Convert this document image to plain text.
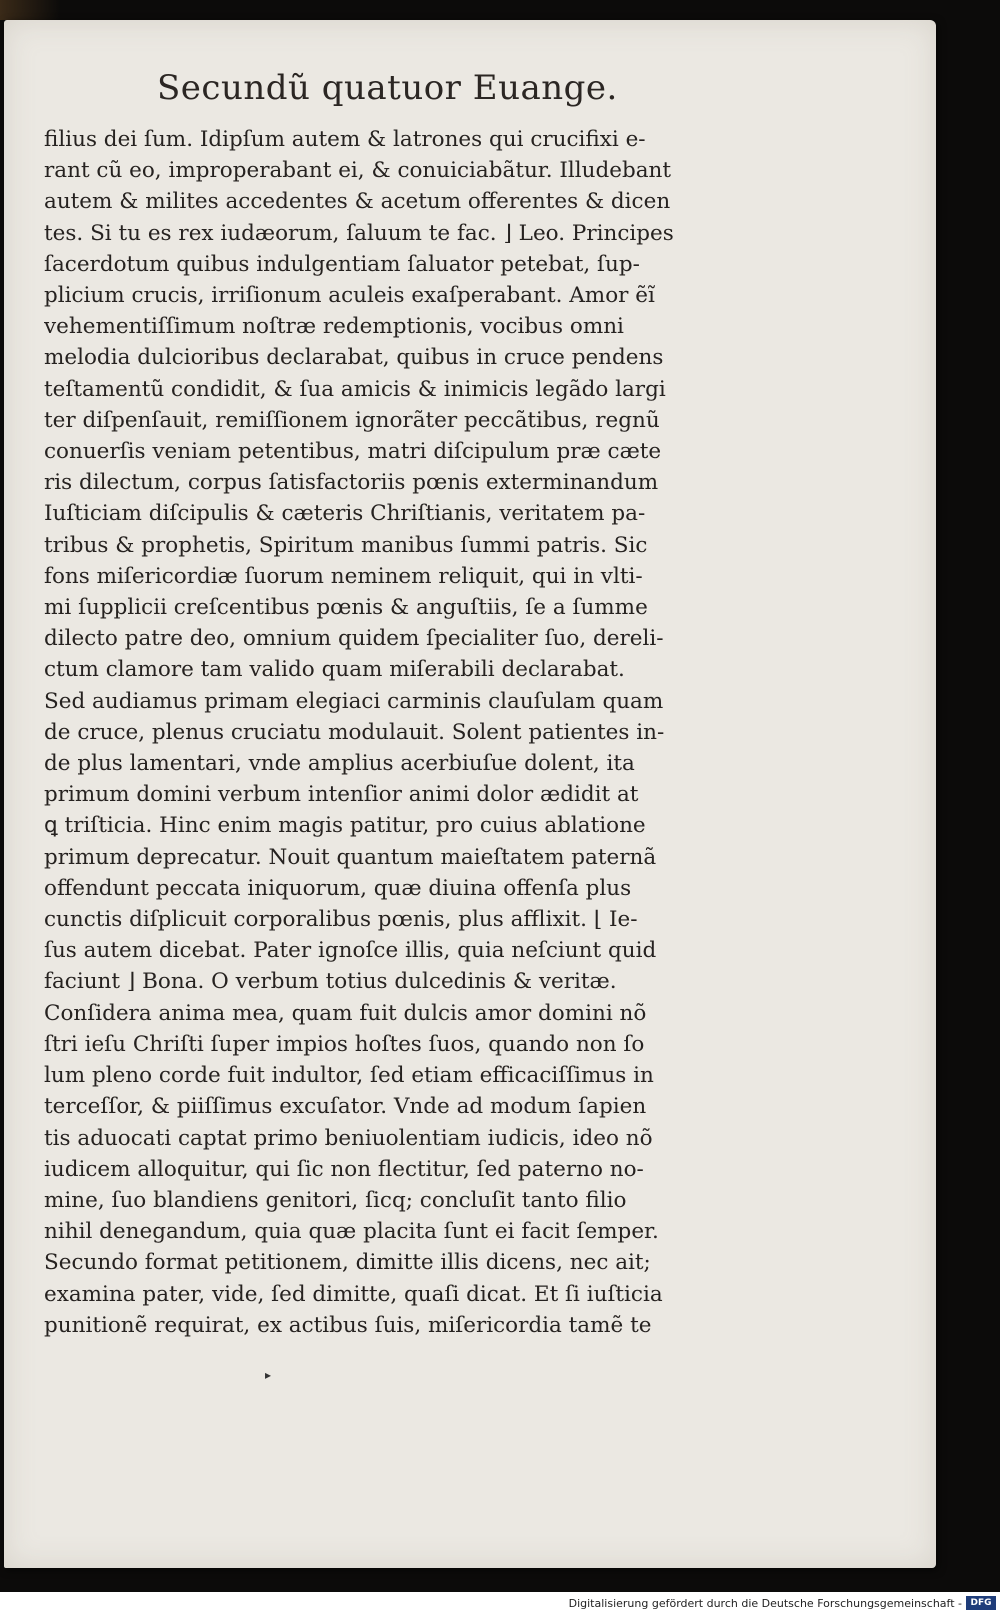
Secundũ quatuor Euange.
filius dei ſum. Idipſum autem & latrones qui crucifixi e-
rant cũ eo, improperabant ei, & conuiciabãtur. Illudebant
autem & milites accedentes & acetum offerentes & dicen
tes. Si tu es rex iudæorum, ſaluum te fac. ⌋ Leo. Principes
ſacerdotum quibus indulgentiam ſaluator petebat, ſup-
plicium crucis, irriſionum aculeis exaſperabant. Amor ẽĩ
vehementiſſimum noſtræ redemptionis, vocibus omni
melodia dulcioribus declarabat, quibus in cruce pendens
teſtamentũ condidit, & ſua amicis & inimicis legãdo largi
ter diſpenſauit, remiſſionem ignorãter peccãtibus, regnũ
conuerſis veniam petentibus, matri diſcipulum præ cæte
ris dilectum, corpus ſatisfactoriis pœnis exterminandum
Iuſticiam diſcipulis & cæteris Chriſtianis, veritatem pa-
tribus & prophetis, Spiritum manibus ſummi patris. Sic
fons miſericordiæ ſuorum neminem reliquit, qui in vlti-
mi ſupplicii creſcentibus pœnis & anguſtiis, ſe a ſumme
dilecto patre deo, omnium quidem ſpecialiter ſuo, dereli-
ctum clamore tam valido quam miſerabili declarabat.
Sed audiamus primam elegiaci carminis clauſulam quam
de cruce, plenus cruciatu modulauit. Solent patientes in-
de plus lamentari, vnde amplius acerbiuſue dolent, ita
primum domini verbum intenſior animi dolor ædidit at
ꝗ triſticia. Hinc enim magis patitur, pro cuius ablatione
primum deprecatur. Nouit quantum maieſtatem paternã
offendunt peccata iniquorum, quæ diuina offenſa plus
cunctis diſplicuit corporalibus pœnis, plus afflixit. ⌊ Ie-
ſus autem dicebat. Pater ignoſce illis, quia neſciunt quid
faciunt ⌋ Bona. O verbum totius dulcedinis & veritæ.
Conſidera anima mea, quam fuit dulcis amor domini nõ
ſtri ieſu Chriſti ſuper impios hoſtes ſuos, quando non ſo
lum pleno corde fuit indultor, ſed etiam efficaciſſimus in
terceſſor, & piiſſimus excuſator. Vnde ad modum ſapien
tis aduocati captat primo beniuolentiam iudicis, ideo nõ
iudicem alloquitur, qui ſic non flectitur, ſed paterno no-
mine, ſuo blandiens genitori, ſicq; concluſit tanto filio
nihil denegandum, quia quæ placita ſunt ei facit ſemper.
Secundo format petitionem, dimitte illis dicens, nec ait;
examina pater, vide, ſed dimitte, quaſi dicat. Et ſi iuſticia
punitionẽ requirat, ex actibus ſuis, miſericordia tamẽ te
▸
Digitalisierung gefördert durch die Deutsche Forschungsgemeinschaft - DFG
